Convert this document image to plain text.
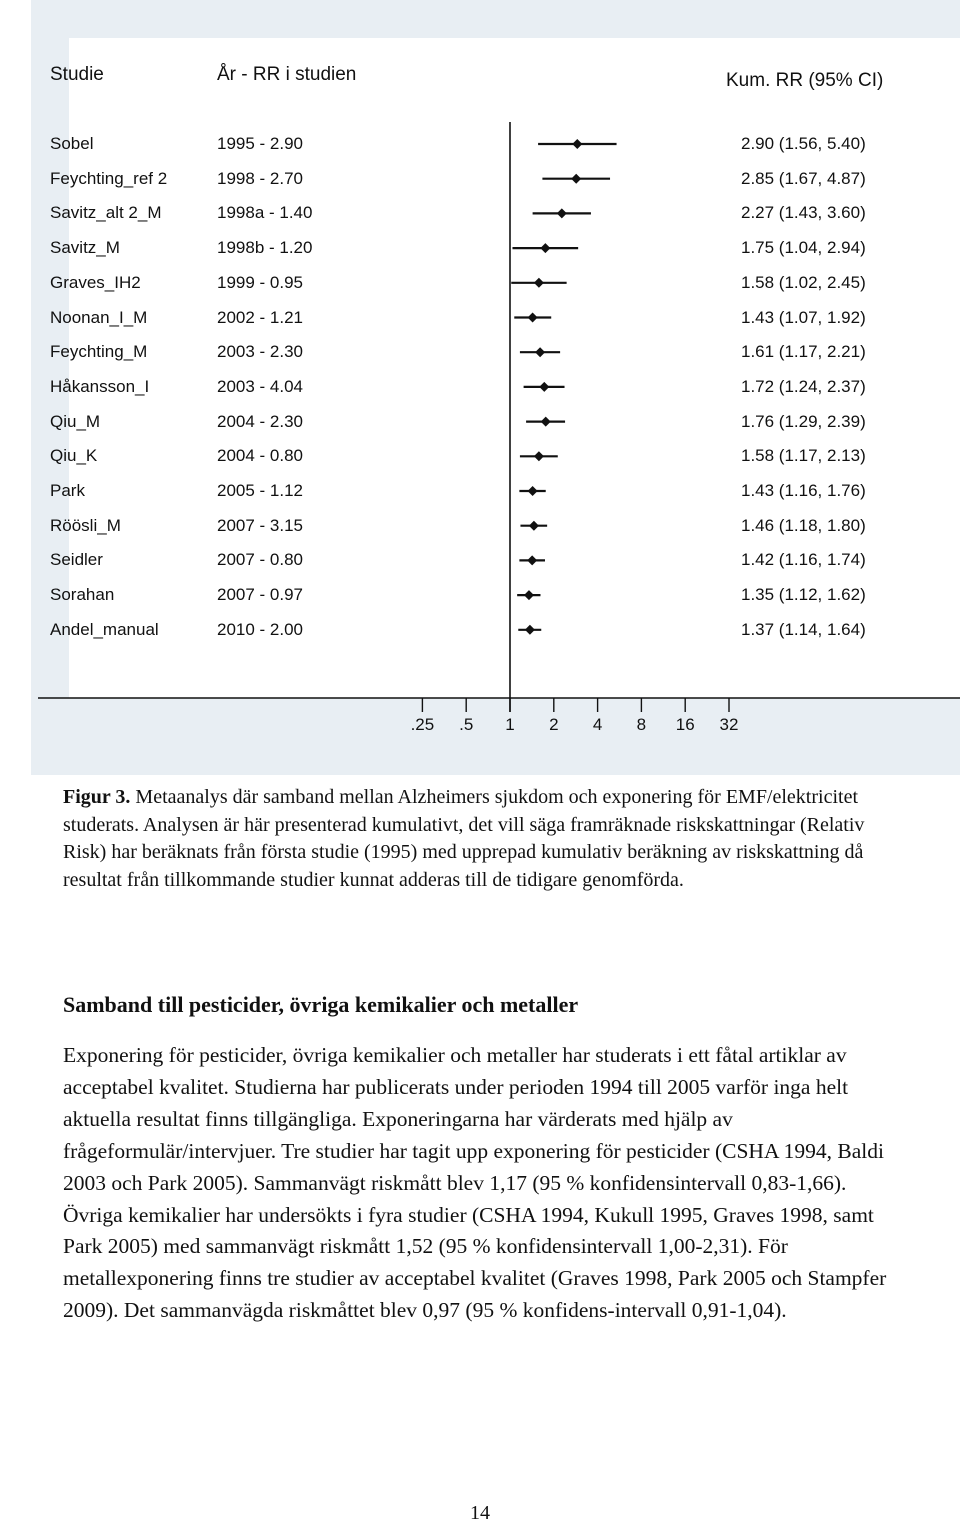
.25 .5 1 2 4 8 16 32
Studie	År - RR i studien	Kum. RR (95% CI)
Sobel	1995 - 2.90	2.90 (1.56, 5.40)
Feychting_ref 2	1998 - 2.70	2.85 (1.67, 4.87)
Savitz_alt 2_M	1998a - 1.40	2.27 (1.43, 3.60)
Savitz_M	1998b - 1.20	1.75 (1.04, 2.94)
Graves_IH2	1999 - 0.95	1.58 (1.02, 2.45)
Noonan_I_M	2002 - 1.21	1.43 (1.07, 1.92)
Feychting_M	2003 - 2.30	1.61 (1.17, 2.21)
Håkansson_I	2003 - 4.04	1.72 (1.24, 2.37)
Qiu_M	2004 - 2.30	1.76 (1.29, 2.39)
Qiu_K	2004 - 0.80	1.58 (1.17, 2.13)
Park	2005 - 1.12	1.43 (1.16, 1.76)
Röösli_M	2007 - 3.15	1.46 (1.18, 1.80)
Seidler	2007 - 0.80	1.42 (1.16, 1.74)
Sorahan	2007 - 0.97	1.35 (1.12, 1.62)
Andel_manual	2010 - 2.00	1.37 (1.14, 1.64)

Figur 3. Metaanalys där samband mellan Alzheimers sjukdom och exponering för EMF/elektricitet studerats. Analysen är här presenterad kumulativt, det vill säga framräknade riskskattningar (Relativ Risk) har beräknats från första studie (1995) med upprepad kumulativ beräkning av riskskattning då resultat från tillkommande studier kunnat adderas till de tidigare genomförda.

Samband till pesticider, övriga kemikalier och metaller

Exponering för pesticider, övriga kemikalier och metaller har studerats i ett fåtal artiklar av acceptabel kvalitet. Studierna har publicerats under perioden 1994 till 2005 varför inga helt aktuella resultat finns tillgängliga. Exponeringarna har värderats med hjälp av frågeformulär/intervjuer. Tre studier har tagit upp exponering för pesticider (CSHA 1994, Baldi 2003 och Park 2005). Sammanvägt riskmått blev 1,17 (95 % konfidensintervall 0,83-1,66). Övriga kemikalier har undersökts i fyra studier (CSHA 1994, Kukull 1995, Graves 1998, samt Park 2005) med sammanvägt riskmått 1,52 (95 % konfidensintervall 1,00-2,31). För metallexponering finns tre studier av acceptabel kvalitet (Graves 1998, Park 2005 och Stampfer 2009). Det sammanvägda riskmåttet blev 0,97 (95 % konfidens-intervall 0,91-1,04).

14
